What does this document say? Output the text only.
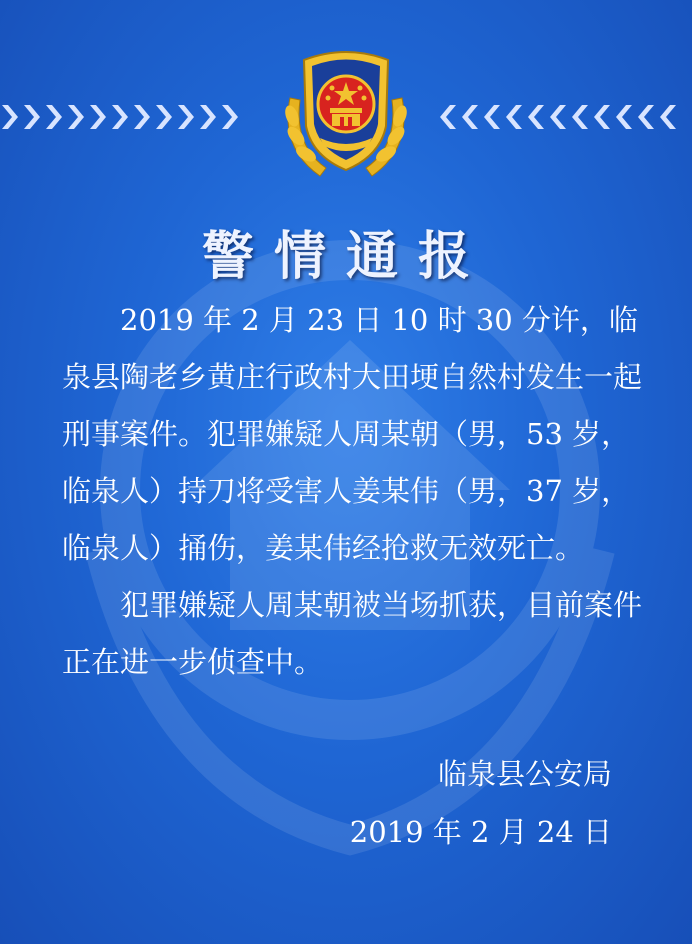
警情通报

2019 年 2 月 23 日 10 时 30 分许，临泉县陶老乡黄庄行政村大田埂自然村发生一起刑事案件。犯罪嫌疑人周某朝（男，53 岁，临泉人）持刀将受害人姜某伟（男，37 岁，临泉人）捅伤，姜某伟经抢救无效死亡。

犯罪嫌疑人周某朝被当场抓获，目前案件正在进一步侦查中。

临泉县公安局
2019 年 2 月 24 日
